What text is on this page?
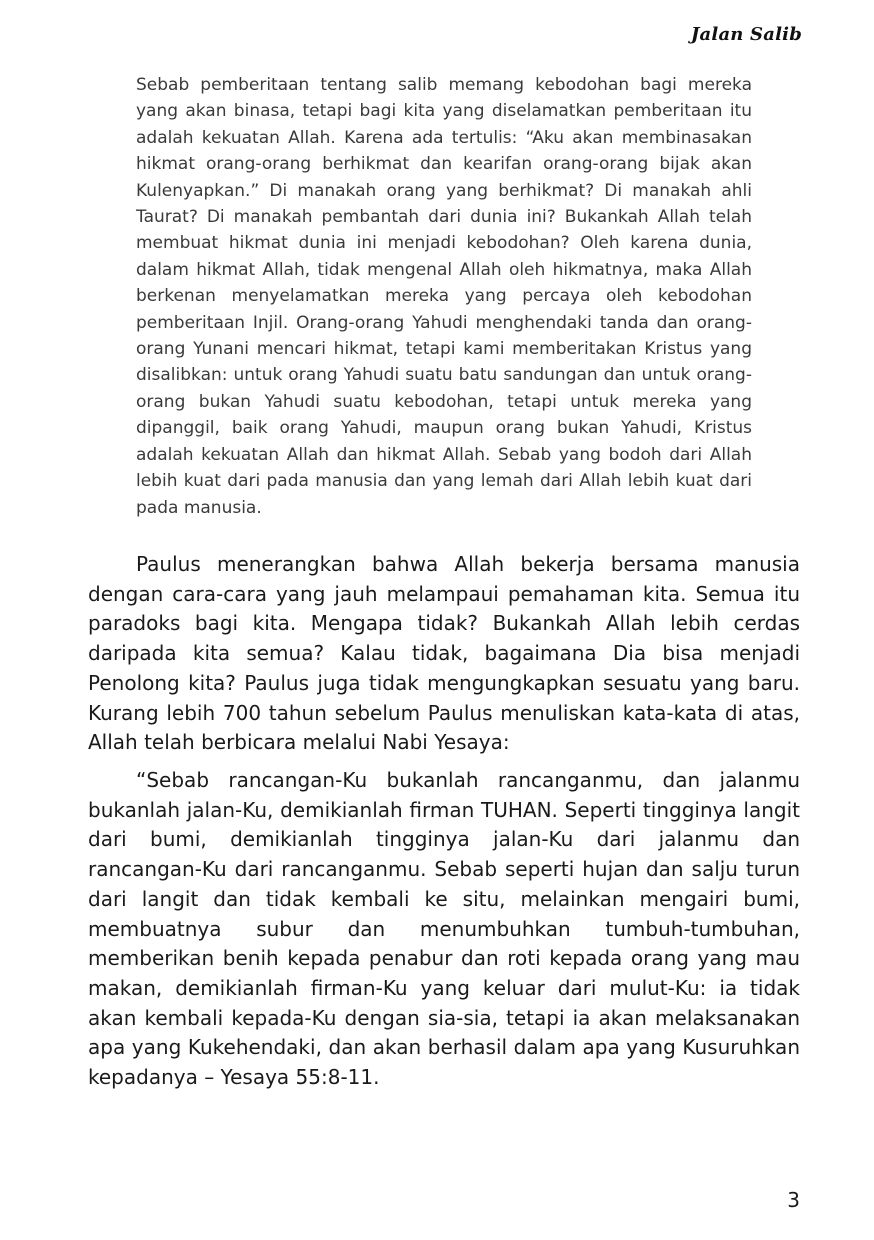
Jalan Salib

Sebab pemberitaan tentang salib memang kebodohan bagi mereka yang akan binasa, tetapi bagi kita yang diselamatkan pemberitaan itu adalah kekuatan Allah. Karena ada tertulis: “Aku akan membinasakan hikmat orang-orang berhikmat dan kearifan orang-orang bijak akan Kulenyapkan.” Di manakah orang yang berhikmat? Di manakah ahli Taurat? Di manakah pembantah dari dunia ini? Bukankah Allah telah membuat hikmat dunia ini menjadi kebodohan? Oleh karena dunia, dalam hikmat Allah, tidak mengenal Allah oleh hikmatnya, maka Allah berkenan menyelamatkan mereka yang percaya oleh kebodohan pemberitaan Injil. Orang-orang Yahudi menghendaki tanda dan orang-orang Yunani mencari hikmat, tetapi kami memberitakan Kristus yang disalibkan: untuk orang Yahudi suatu batu sandungan dan untuk orang-orang bukan Yahudi suatu kebodohan, tetapi untuk mereka yang dipanggil, baik orang Yahudi, maupun orang bukan Yahudi, Kristus adalah kekuatan Allah dan hikmat Allah. Sebab yang bodoh dari Allah lebih kuat dari pada manusia dan yang lemah dari Allah lebih kuat dari pada manusia.

Paulus menerangkan bahwa Allah bekerja bersama manusia dengan cara-cara yang jauh melampaui pemahaman kita. Semua itu paradoks bagi kita. Mengapa tidak? Bukankah Allah lebih cerdas daripada kita semua? Kalau tidak, bagaimana Dia bisa menjadi Penolong kita? Paulus juga tidak mengungkapkan sesuatu yang baru. Kurang lebih 700 tahun sebelum Paulus menuliskan kata-kata di atas, Allah telah berbicara melalui Nabi Yesaya:

“Sebab rancangan-Ku bukanlah rancanganmu, dan jalanmu bukanlah jalan-Ku, demikianlah firman TUHAN. Seperti tingginya langit dari bumi, demikianlah tingginya jalan-Ku dari jalanmu dan rancangan-Ku dari rancanganmu. Sebab seperti hujan dan salju turun dari langit dan tidak kembali ke situ, melainkan mengairi bumi, membuatnya subur dan menumbuhkan tumbuh-tumbuhan, memberikan benih kepada penabur dan roti kepada orang yang mau makan, demikianlah firman-Ku yang keluar dari mulut-Ku: ia tidak akan kembali kepada-Ku dengan sia-sia, tetapi ia akan melaksanakan apa yang Kukehendaki, dan akan berhasil dalam apa yang Kusuruhkan kepadanya – Yesaya 55:8-11.

3
